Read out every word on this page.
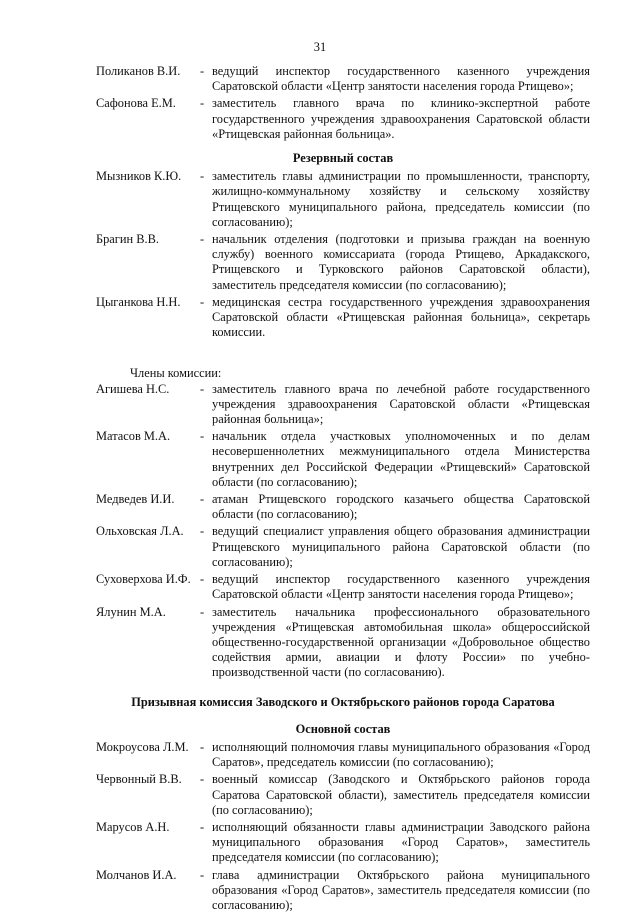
31
Поликанов В.И.	- ведущий инспектор государственного казенного учреждения Саратовской области «Центр занятости населения города Ртищево»;
Сафонова Е.М.	- заместитель главного врача по клинико-экспертной работе государственного учреждения здравоохранения Саратовской области «Ртищевская районная больница».
Резервный состав
Мызников К.Ю.	- заместитель главы администрации по промышленности, транспорту, жилищно-коммунальному хозяйству и сельскому хозяйству Ртищевского муниципального района, председатель комиссии (по согласованию);
Брагин В.В.	- начальник отделения (подготовки и призыва граждан на военную службу) военного комиссариата (города Ртищево, Аркадакского, Ртищевского и Турковского районов Саратовской области), заместитель председателя комиссии (по согласованию);
Цыганкова Н.Н.	- медицинская сестра государственного учреждения здравоохранения Саратовской области «Ртищевская районная больница», секретарь комиссии.
Члены комиссии:
Агишева Н.С.	- заместитель главного врача по лечебной работе государственного учреждения здравоохранения Саратовской области «Ртищевская районная больница»;
Матасов М.А.	- начальник отдела участковых уполномоченных и по делам несовершеннолетних межмуниципального отдела Министерства внутренних дел Российской Федерации «Ртищевский» Саратовской области (по согласованию);
Медведев И.И.	- атаман Ртищевского городского казачьего общества Саратовской области (по согласованию);
Ольховская Л.А.	- ведущий специалист управления общего образования администрации Ртищевского муниципального района Саратовской области (по согласованию);
Суховерхова И.Ф. - ведущий инспектор государственного казенного учреждения Саратовской области «Центр занятости населения города Ртищево»;
Ялунин М.А.	- заместитель начальника профессионального образовательного учреждения «Ртищевская автомобильная школа» общероссийской общественно-государственной организации «Добровольное общество содействия армии, авиации и флоту России» по учебно-производственной части (по согласованию).
Призывная комиссия Заводского и Октябрьского районов города Саратова
Основной состав
Мокроусова Л.М. - исполняющий полномочия главы муниципального образования «Город Саратов», председатель комиссии (по согласованию);
Червонный В.В.	- военный комиссар (Заводского и Октябрьского районов города Саратова Саратовской области), заместитель председателя комиссии (по согласованию);
Марусов А.Н.	- исполняющий обязанности главы администрации Заводского района муниципального образования «Город Саратов», заместитель председателя комиссии (по согласованию);
Молчанов И.А.	- глава администрации Октябрьского района муниципального образования «Город Саратов», заместитель председателя комиссии (по согласованию);
